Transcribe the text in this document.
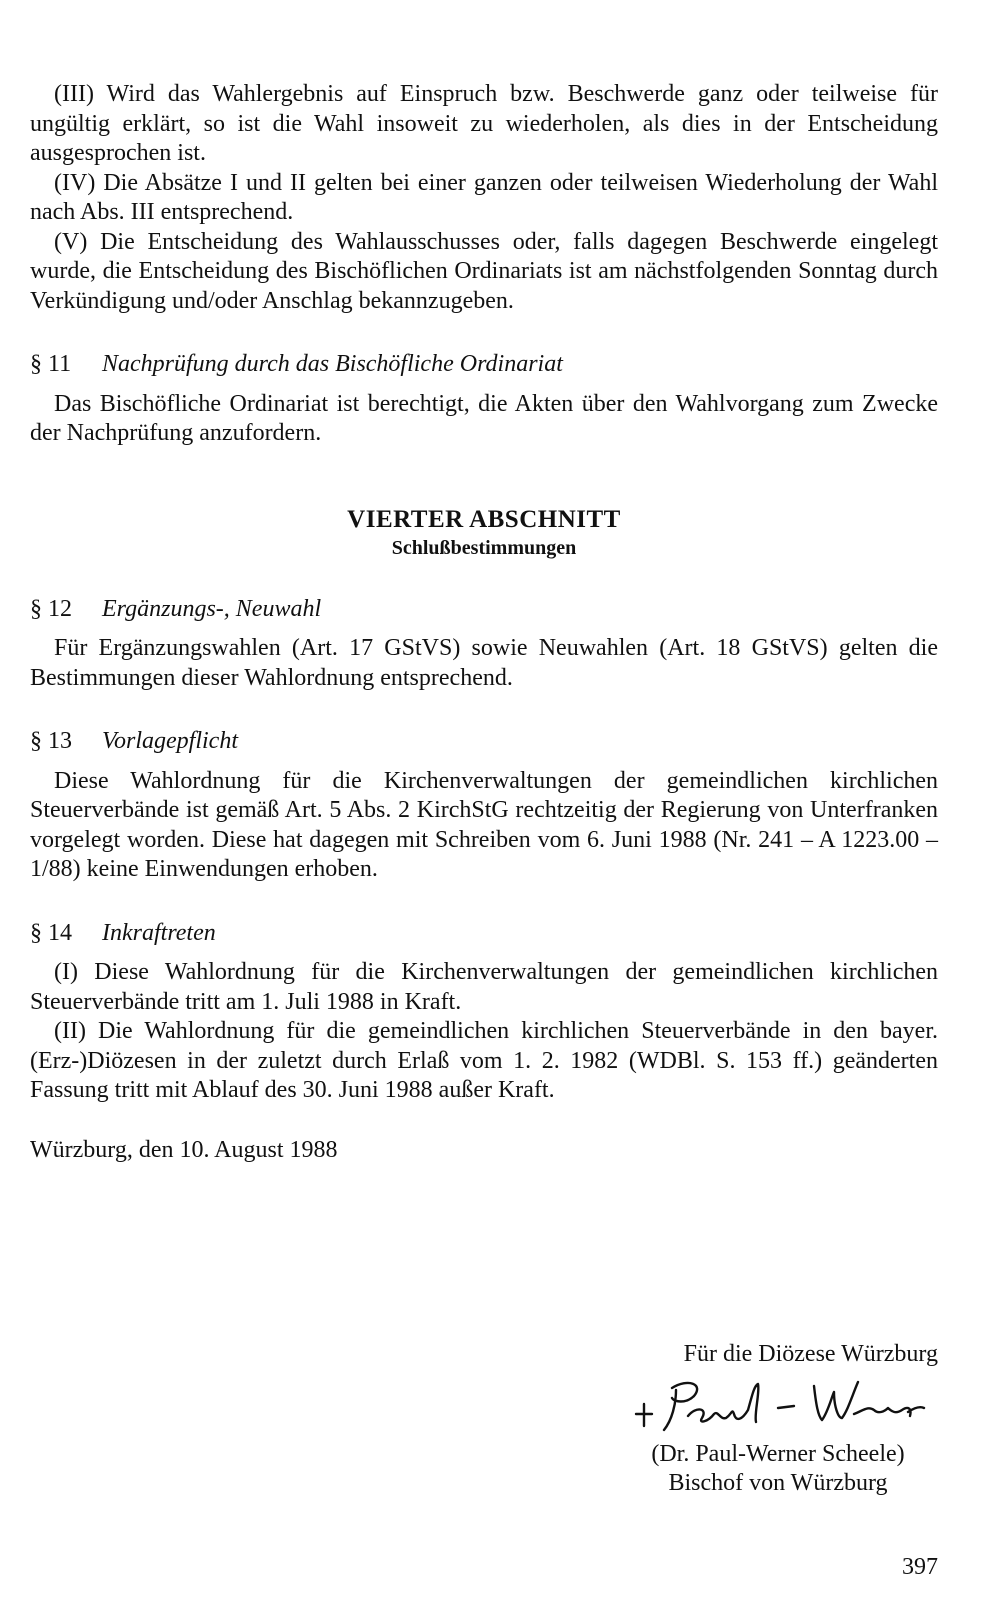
(III) Wird das Wahlergebnis auf Einspruch bzw. Beschwerde ganz oder teilweise für ungültig erklärt, so ist die Wahl insoweit zu wiederholen, als dies in der Entscheidung ausgesprochen ist.

(IV) Die Absätze I und II gelten bei einer ganzen oder teilweisen Wiederholung der Wahl nach Abs. III entsprechend.

(V) Die Entscheidung des Wahlausschusses oder, falls dagegen Beschwerde eingelegt wurde, die Entscheidung des Bischöflichen Ordinariats ist am nächstfolgenden Sonntag durch Verkündigung und/oder Anschlag bekannzugeben.

§ 11	Nachprüfung durch das Bischöfliche Ordinariat

Das Bischöfliche Ordinariat ist berechtigt, die Akten über den Wahlvorgang zum Zwecke der Nachprüfung anzufordern.

VIERTER ABSCHNITT
Schlußbestimmungen
§ 12	Ergänzungs-, Neuwahl

Für Ergänzungswahlen (Art. 17 GStVS) sowie Neuwahlen (Art. 18 GStVS) gelten die Bestimmungen dieser Wahlordnung entsprechend.

§ 13	Vorlagepflicht

Diese Wahlordnung für die Kirchenverwaltungen der gemeindlichen kirchlichen Steuerverbände ist gemäß Art. 5 Abs. 2 KirchStG rechtzeitig der Regierung von Unterfranken vorgelegt worden. Diese hat dagegen mit Schreiben vom 6. Juni 1988 (Nr. 241 – A 1223.00 – 1/88) keine Einwendungen erhoben.

§ 14	Inkraftreten

(I) Diese Wahlordnung für die Kirchenverwaltungen der gemeindlichen kirchlichen Steuerverbände tritt am 1. Juli 1988 in Kraft.

(II) Die Wahlordnung für die gemeindlichen kirchlichen Steuerverbände in den bayer. (Erz-)Diözesen in der zuletzt durch Erlaß vom 1. 2. 1982 (WDBl. S. 153 ff.) geänderten Fassung tritt mit Ablauf des 30. Juni 1988 außer Kraft.

Würzburg, den 10. August 1988

Für die Diözese Würzburg
(Dr. Paul-Werner Scheele)
Bischof von Würzburg
397
